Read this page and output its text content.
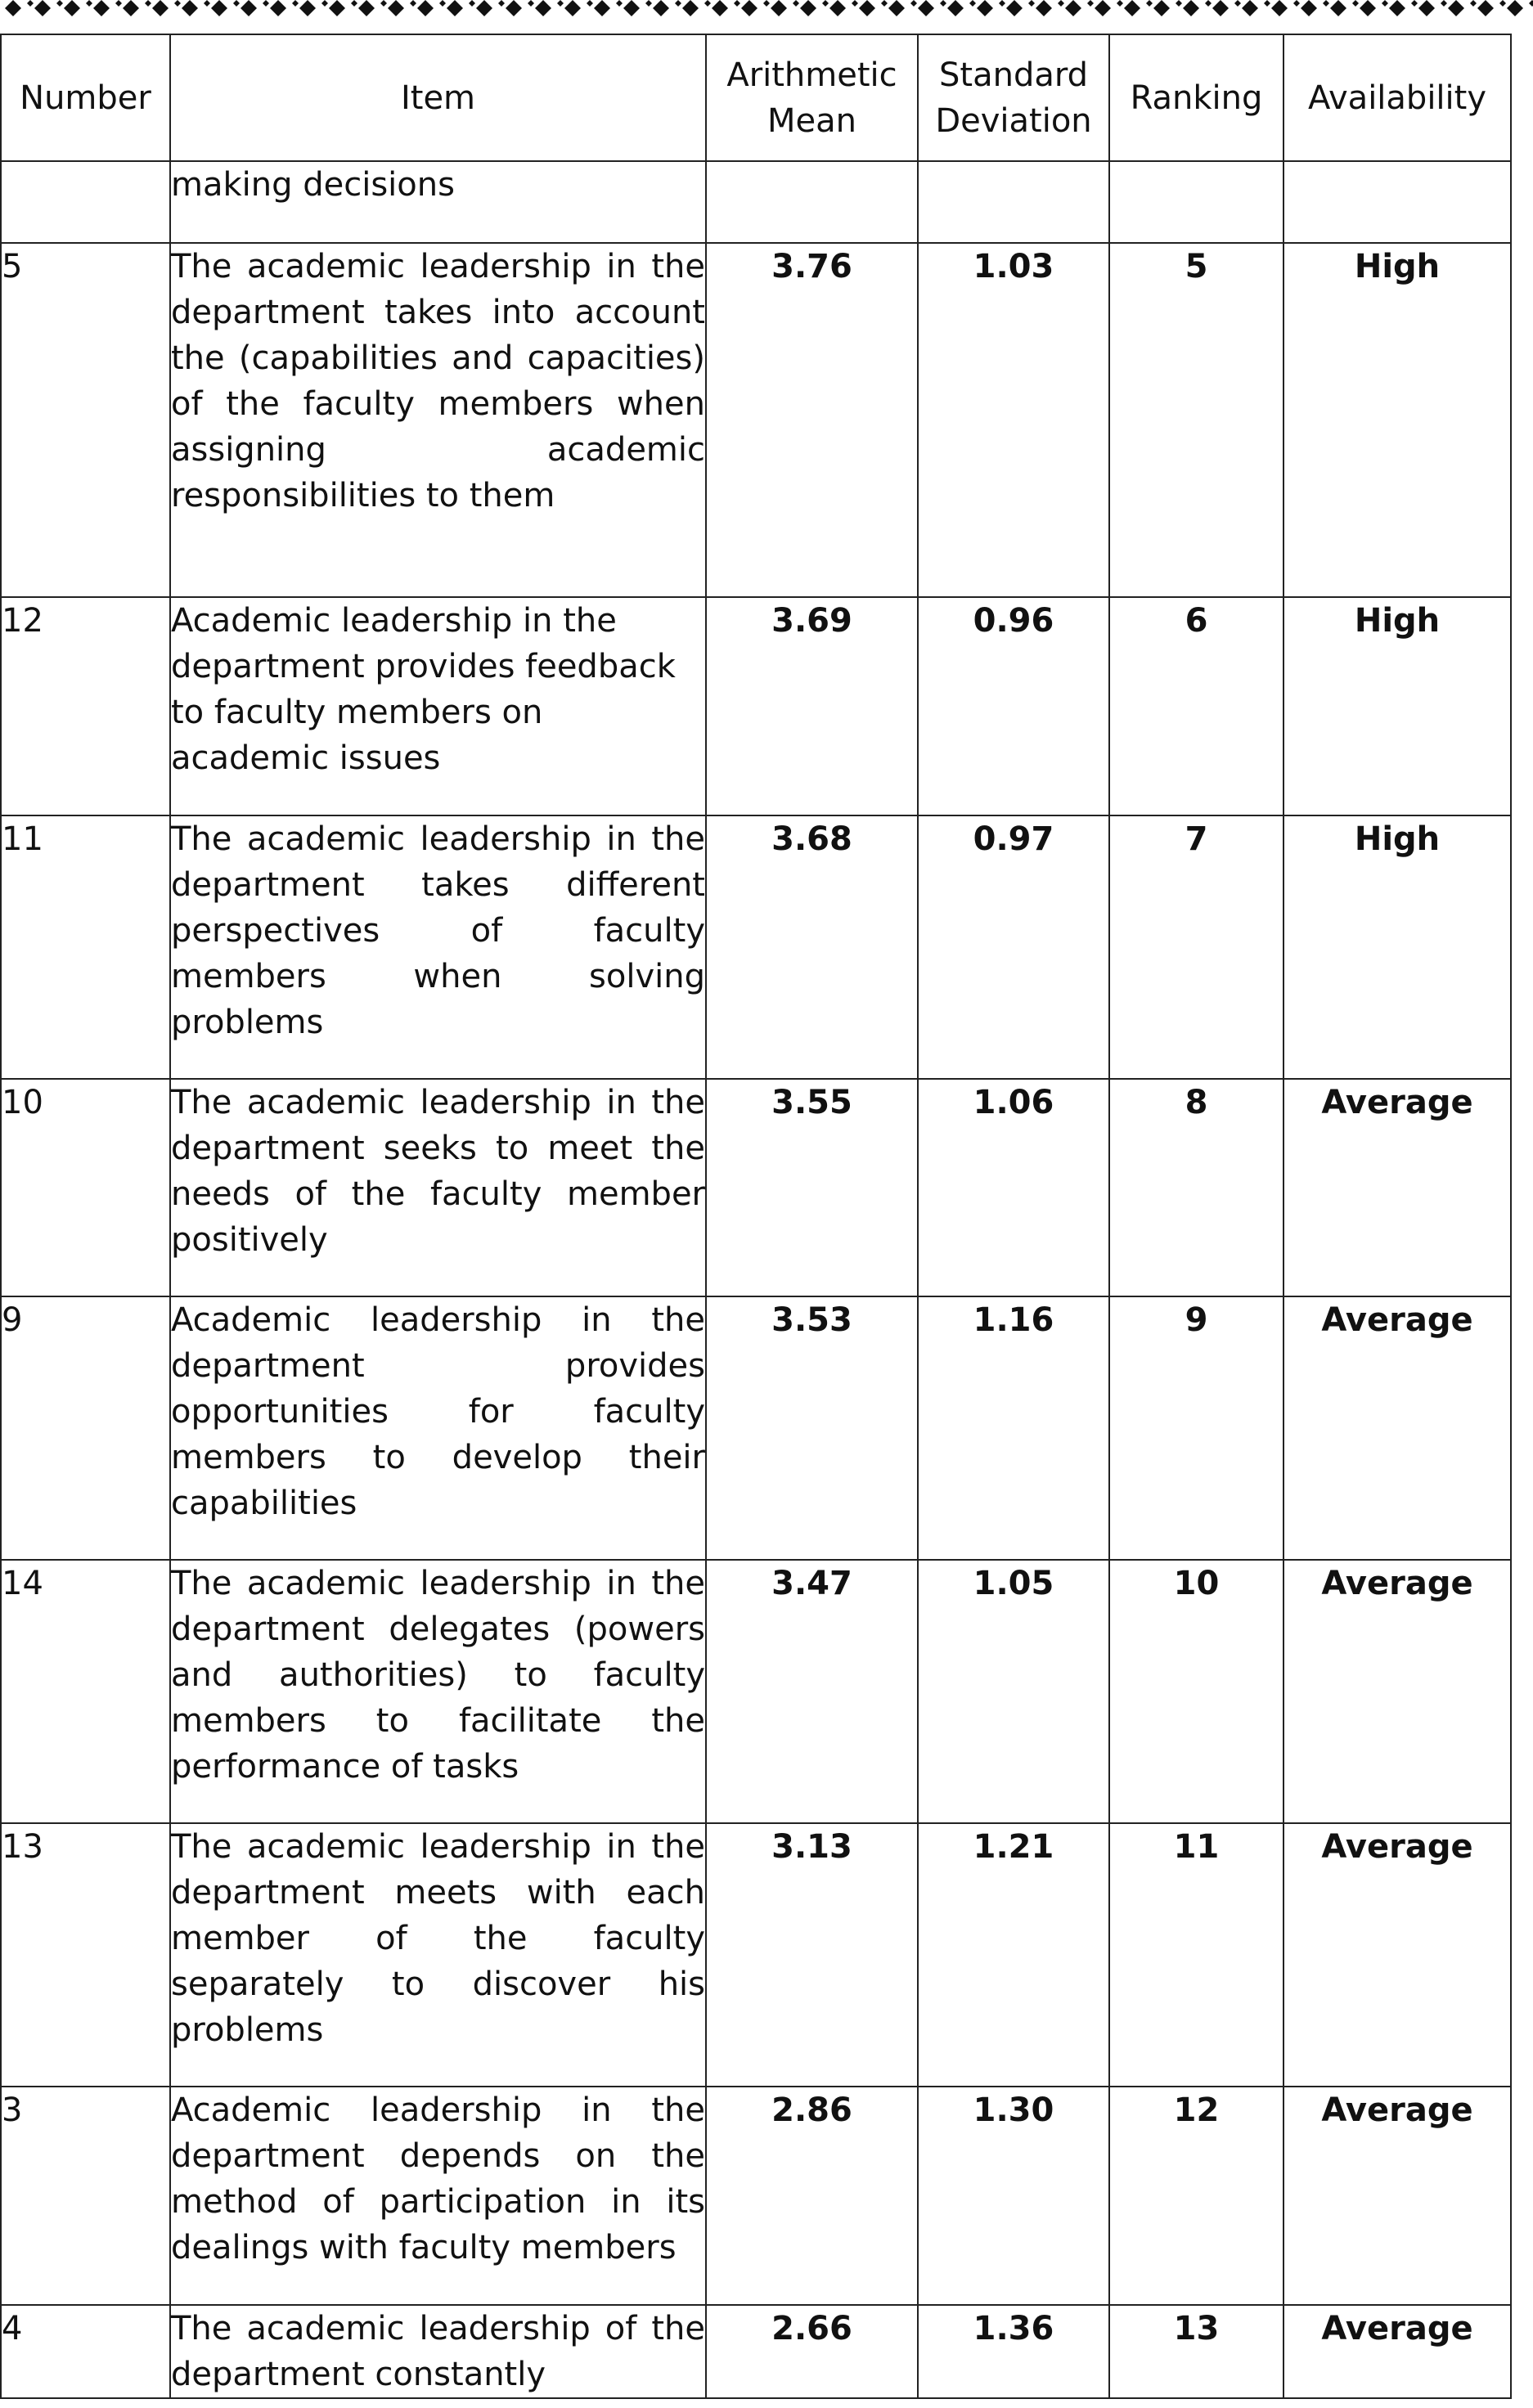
Number	Item	Arithmetic Mean	Standard Deviation	Ranking	Availability
	making decisions				
5	The academic leadership in the department takes into account the (capabilities and capacities) of the faculty members when assigning academic responsibilities to them	3.76	1.03	5	High
12	Academic leadership in the department provides feedback to faculty members on academic issues	3.69	0.96	6	High
11	The academic leadership in the department takes different perspectives of faculty members when solving problems	3.68	0.97	7	High
10	The academic leadership in the department seeks to meet the needs of the faculty member positively	3.55	1.06	8	Average
9	Academic leadership in the department provides opportunities for faculty members to develop their capabilities	3.53	1.16	9	Average
14	The academic leadership in the department delegates (powers and authorities) to faculty members to facilitate the performance of tasks	3.47	1.05	10	Average
13	The academic leadership in the department meets with each member of the faculty separately to discover his problems	3.13	1.21	11	Average
3	Academic leadership in the department depends on the method of participation in its dealings with faculty members	2.86	1.30	12	Average
4	The academic leadership of the department constantly	2.66	1.36	13	Average
